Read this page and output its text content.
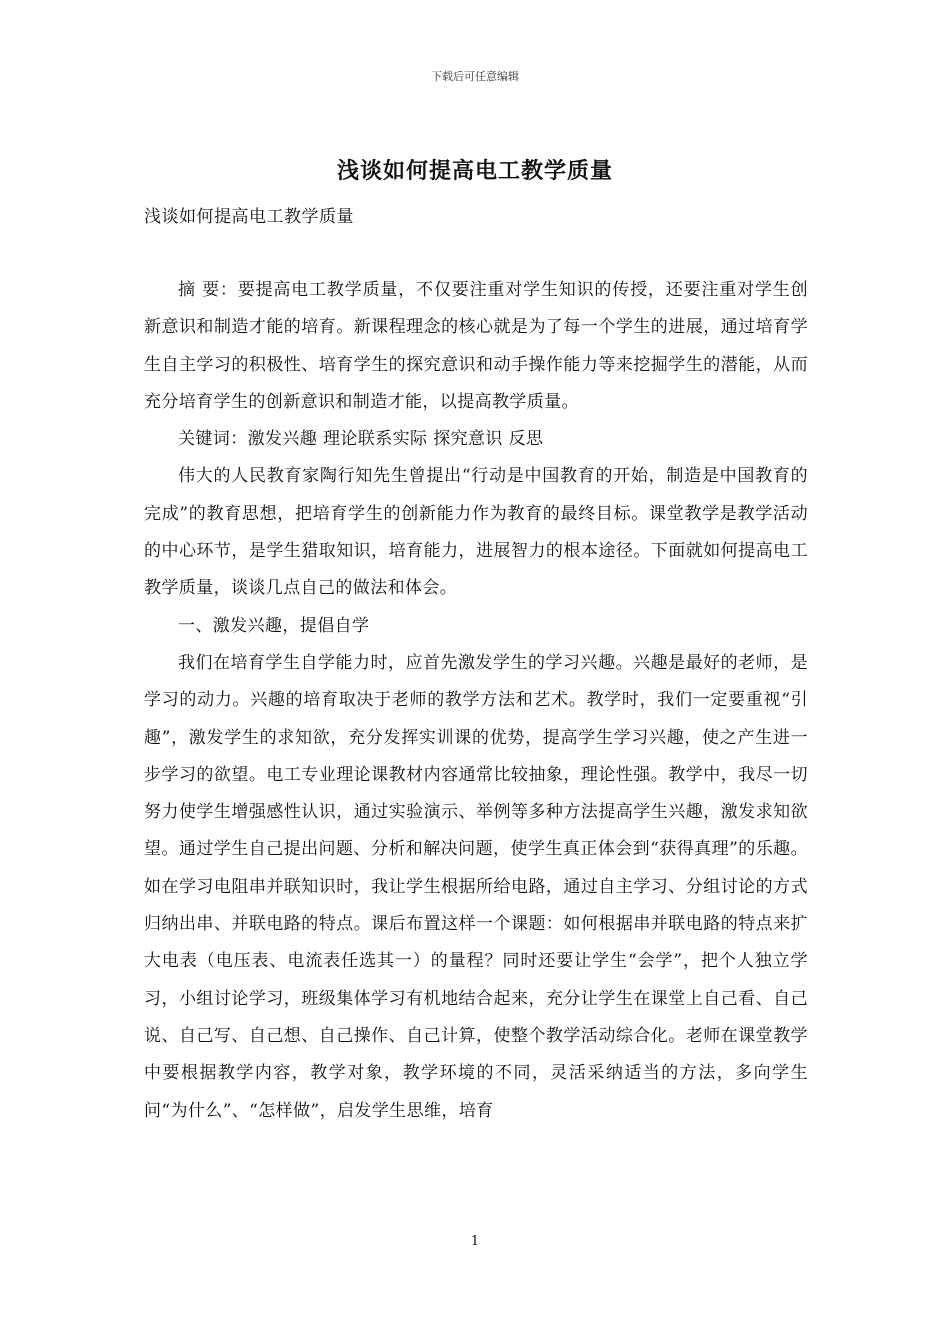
下载后可任意编辑
浅谈如何提高电工教学质量
浅谈如何提高电工教学质量

摘 要：要提高电工教学质量，不仅要注重对学生知识的传授，还要注重对学生创新意识和制造才能的培育。新课程理念的核心就是为了每一个学生的进展，通过培育学生自主学习的积极性、培育学生的探究意识和动手操作能力等来挖掘学生的潜能，从而充分培育学生的创新意识和制造才能，以提高教学质量。

关键词：激发兴趣 理论联系实际 探究意识 反思

伟大的人民教育家陶行知先生曾提出“行动是中国教育的开始，制造是中国教育的完成”的教育思想，把培育学生的创新能力作为教育的最终目标。课堂教学是教学活动的中心环节，是学生猎取知识，培育能力，进展智力的根本途径。下面就如何提高电工教学质量，谈谈几点自己的做法和体会。

一、激发兴趣，提倡自学

我们在培育学生自学能力时，应首先激发学生的学习兴趣。兴趣是最好的老师，是学习的动力。兴趣的培育取决于老师的教学方法和艺术。教学时，我们一定要重视“引趣”，激发学生的求知欲，充分发挥实训课的优势，提高学生学习兴趣，使之产生进一步学习的欲望。电工专业理论课教材内容通常比较抽象，理论性强。教学中，我尽一切努力使学生增强感性认识，通过实验演示、举例等多种方法提高学生兴趣，激发求知欲望。通过学生自己提出问题、分析和解决问题，使学生真正体会到“获得真理”的乐趣。如在学习电阻串并联知识时，我让学生根据所给电路，通过自主学习、分组讨论的方式归纳出串、并联电路的特点。课后布置这样一个课题：如何根据串并联电路的特点来扩大电表（电压表、电流表任选其一）的量程？同时还要让学生“会学”，把个人独立学习，小组讨论学习，班级集体学习有机地结合起来，充分让学生在课堂上自己看、自己说、自己写、自己想、自己操作、自己计算，使整个教学活动综合化。老师在课堂教学中要根据教学内容，教学对象，教学环境的不同，灵活采纳适当的方法，多向学生问“为什么”、“怎样做”，启发学生思维，培育

1
